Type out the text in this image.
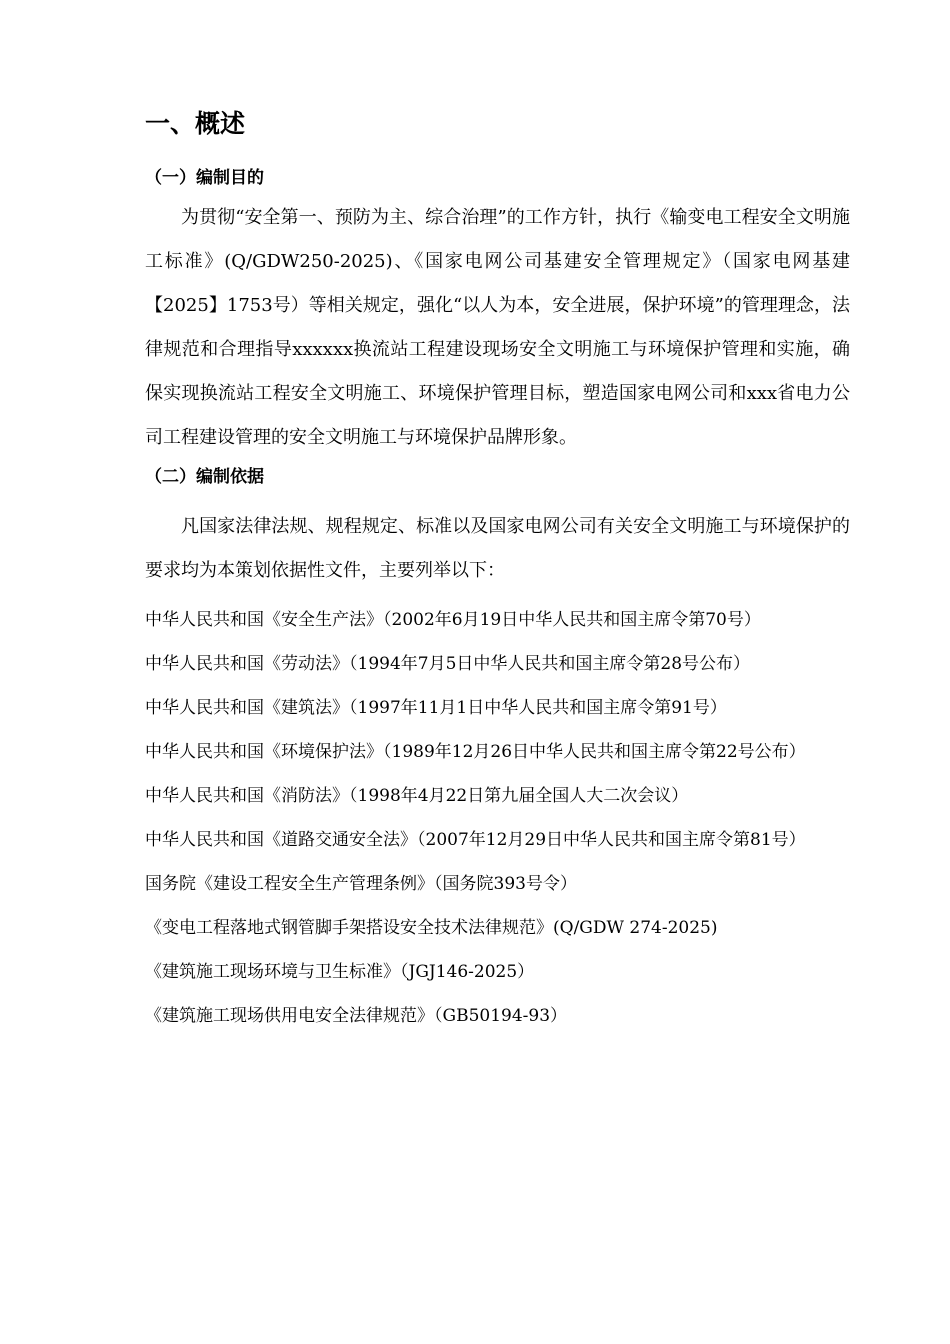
一、概述
（一）编制目的

为贯彻“安全第一、预防为主、综合治理”的工作方针，执行《输变电工程安全文明施工标准》(Q/GDW250-2025)、《国家电网公司基建安全管理规定》（国家电网基建【2025】1753号）等相关规定，强化“以人为本，安全进展，保护环境”的管理理念，法律规范和合理指导xxxxxx换流站工程建设现场安全文明施工与环境保护管理和实施，确保实现换流站工程安全文明施工、环境保护管理目标，塑造国家电网公司和xxx省电力公司工程建设管理的安全文明施工与环境保护品牌形象。

（二）编制依据

凡国家法律法规、规程规定、标准以及国家电网公司有关安全文明施工与环境保护的要求均为本策划依据性文件，主要列举以下：

中华人民共和国《安全生产法》（2002年6月19日中华人民共和国主席令第70号）
中华人民共和国《劳动法》（1994年7月5日中华人民共和国主席令第28号公布）
中华人民共和国《建筑法》（1997年11月1日中华人民共和国主席令第91号）
中华人民共和国《环境保护法》（1989年12月26日中华人民共和国主席令第22号公布）
中华人民共和国《消防法》（1998年4月22日第九届全国人大二次会议）
中华人民共和国《道路交通安全法》（2007年12月29日中华人民共和国主席令第81号）
国务院《建设工程安全生产管理条例》（国务院393号令）
《变电工程落地式钢管脚手架搭设安全技术法律规范》(Q/GDW 274-2025)
《建筑施工现场环境与卫生标准》（JGJ146-2025）
《建筑施工现场供用电安全法律规范》（GB50194-93）
